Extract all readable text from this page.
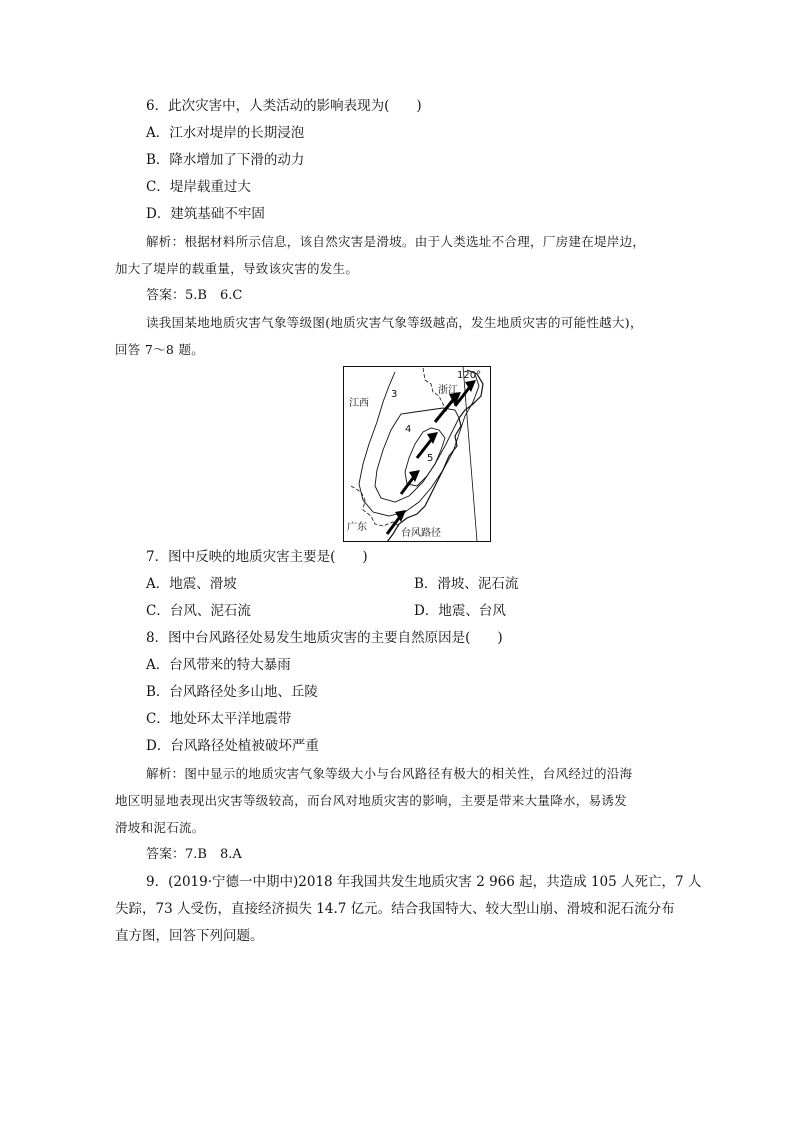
6．此次灾害中，人类活动的影响表现为(　　)
A．江水对堤岸的长期浸泡
B．降水增加了下滑的动力
C．堤岸载重过大
D．建筑基础不牢固
解析：根据材料所示信息，该自然灾害是滑坡。由于人类选址不合理，厂房建在堤岸边，
加大了堤岸的载重量，导致该灾害的发生。
答案：5.B　6.C
读我国某地地质灾害气象等级图(地质灾害气象等级越高，发生地质灾害的可能性越大)，
回答 7～8 题。
120°
浙江
江西
3
4
5
广东
台风路径
7．图中反映的地质灾害主要是(　　)
A．地震、滑坡	B．滑坡、泥石流
C．台风、泥石流	D．地震、台风
8．图中台风路径处易发生地质灾害的主要自然原因是(　　)
A．台风带来的特大暴雨
B．台风路径处多山地、丘陵
C．地处环太平洋地震带
D．台风路径处植被破坏严重
解析：图中显示的地质灾害气象等级大小与台风路径有极大的相关性，台风经过的沿海
地区明显地表现出灾害等级较高，而台风对地质灾害的影响，主要是带来大量降水，易诱发
滑坡和泥石流。
答案：7.B　8.A
9．(2019·宁德一中期中)2018 年我国共发生地质灾害 2 966 起，共造成 105 人死亡，7 人
失踪，73 人受伤，直接经济损失 14.7 亿元。结合我国特大、较大型山崩、滑坡和泥石流分布
直方图，回答下列问题。
